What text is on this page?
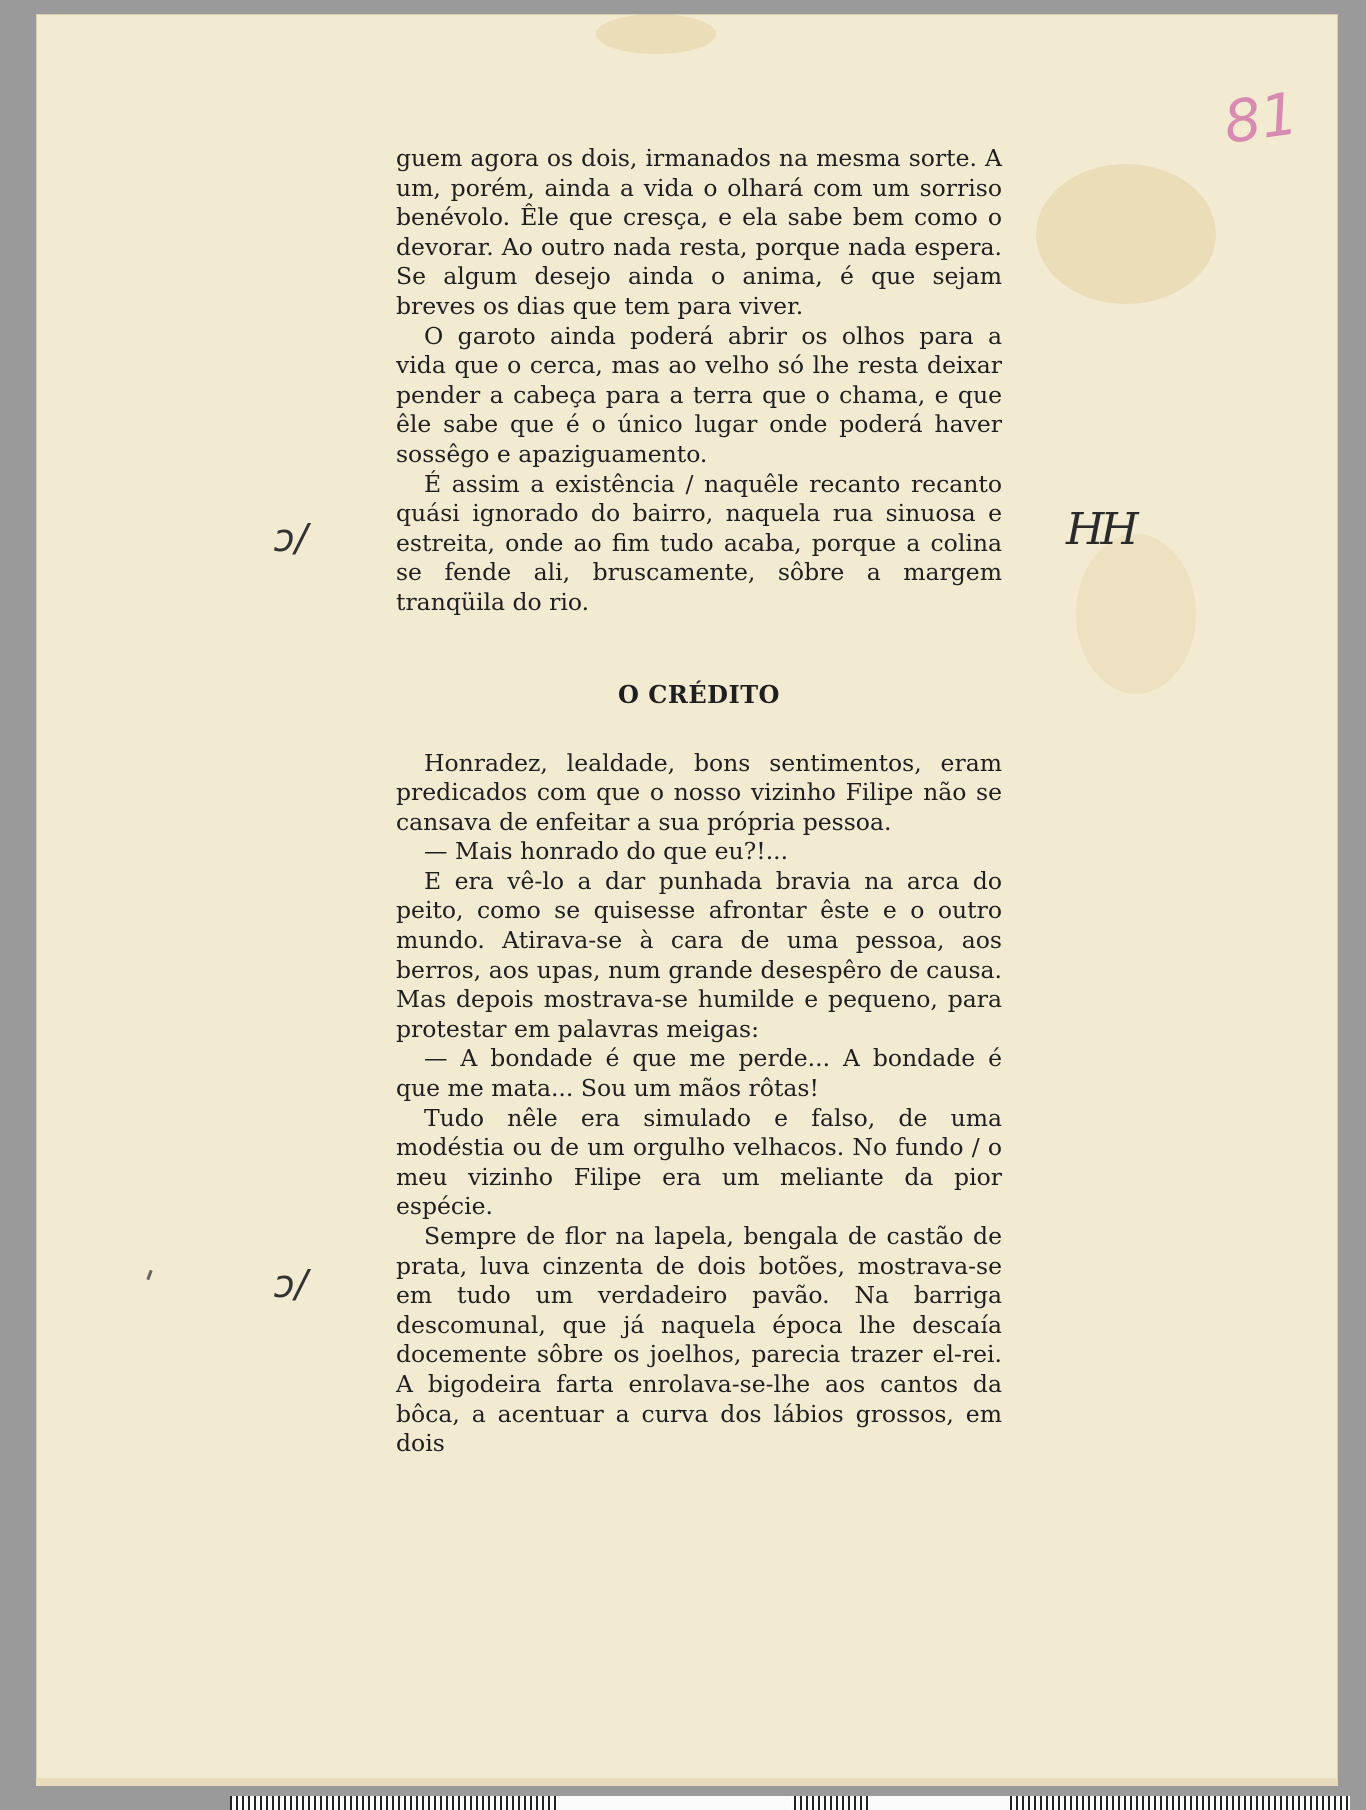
81
HH
ↄ/
ↄ/

guem agora os dois, irmanados na mesma sorte. A um, porém, ainda a vida o olhará com um sorriso benévolo. Êle que cresça, e ela sabe bem como o devorar. Ao outro nada resta, porque nada espera. Se algum desejo ainda o anima, é que sejam breves os dias que tem para viver.

O garoto ainda poderá abrir os olhos para a vida que o cerca, mas ao velho só lhe resta deixar pender a cabeça para a terra que o chama, e que êle sabe que é o único lugar onde poderá haver sossêgo e apaziguamento.

É assim a existência / naquêle recanto recanto quási ignorado do bairro, naquela rua sinuosa e estreita, onde ao fim tudo acaba, porque a colina se fende ali, bruscamente, sôbre a margem tranqüila do rio.

O CRÉDITO

Honradez, lealdade, bons sentimentos, eram predicados com que o nosso vizinho Filipe não se cansava de enfeitar a sua própria pessoa.

— Mais honrado do que eu?!...

E era vê-lo a dar punhada bravia na arca do peito, como se quisesse afrontar êste e o outro mundo. Atirava-se à cara de uma pessoa, aos berros, aos upas, num grande desespêro de causa. Mas depois mostrava-se humilde e pequeno, para protestar em palavras meigas:

— A bondade é que me perde... A bondade é que me mata... Sou um mãos rôtas!

Tudo nêle era simulado e falso, de uma modéstia ou de um orgulho velhacos. No fundo / o meu vizinho Filipe era um meliante da pior espécie.

Sempre de flor na lapela, bengala de castão de prata, luva cinzenta de dois botões, mostrava-se em tudo um verdadeiro pavão. Na barriga descomunal, que já naquela época lhe descaía docemente sôbre os joelhos, parecia trazer el-rei. A bigodeira farta enrolava-se-lhe aos cantos da bôca, a acentuar a curva dos lábios grossos, em dois
